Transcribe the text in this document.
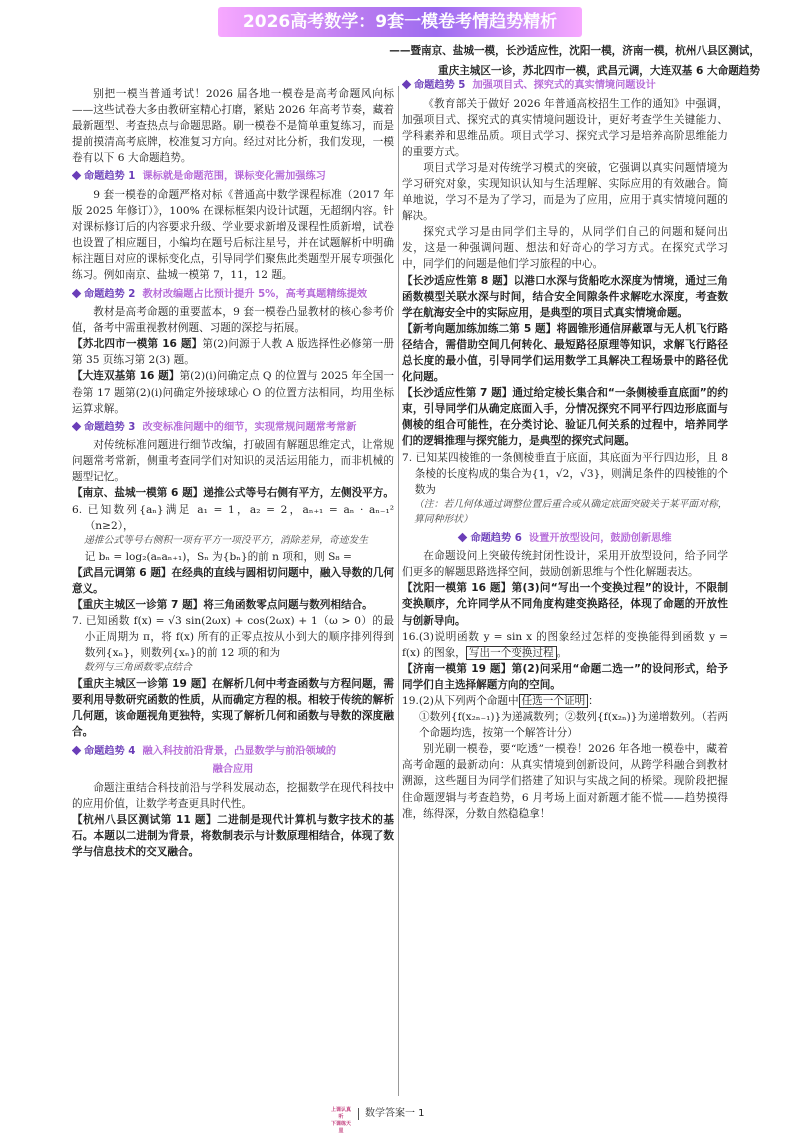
2026高考数学：9套一模卷考情趋势精析
——暨南京、盐城一模，长沙适应性，沈阳一模，济南一模，杭州八县区测试，
重庆主城区一诊，苏北四市一模，武昌元调，大连双基 6 大命题趋势

别把一模当普通考试！2026 届各地一模卷是高考命题风向标——这些试卷大多由教研室精心打磨，紧贴 2026 年高考节奏，藏着最新题型、考查热点与命题思路。刷一模卷不是简单重复练习，而是提前摸清高考底牌，校准复习方向。经过对比分析，我们发现，一模卷有以下 6 大命题趋势。

命题趋势 1 课标就是命题范围，课标变化需加强练习

9 套一模卷的命题严格对标《普通高中数学课程标准（2017 年版 2025 年修订）》，100% 在课标框架内设计试题，无超纲内容。针对课标修订后的内容要求升级、学业要求新增及课程性质新增，试卷也设置了相应题目，小编均在题号后标注星号，并在试题解析中明确标注题目对应的课标变化点，引导同学们聚焦此类题型开展专项强化练习。例如南京、盐城一模第 7，11，12 题。

命题趋势 2 教材改编题占比预计提升 5%，高考真题精练提效

教材是高考命题的重要蓝本，9 套一模卷凸显教材的核心参考价值，备考中需重视教材例题、习题的深挖与拓展。

【苏北四市一模第 16 题】第(2)问源于人教 A 版选择性必修第一册第 35 页练习第 2(3) 题。

【大连双基第 16 题】第(2)(i)问确定点 Q 的位置与 2025 年全国一卷第 17 题第(2)(i)问确定外接球球心 O 的位置方法相同，均用坐标运算求解。

命题趋势 3 改变标准问题中的细节，实现常规问题常考常新

对传统标准问题进行细节改编，打破固有解题思维定式，让常规问题常考常新，侧重考查同学们对知识的灵活运用能力，而非机械的题型记忆。

【南京、盐城一模第 6 题】递推公式等号右侧有平方，左侧没平方。

6. 已知数列{aₙ}满足 a₁ = 1，a₂ = 2，aₙ₊₁ = aₙ · aₙ₋₁²（n≥2），

递推公式等号右侧积一项有平方一项没平方，消除差异，奇迹发生

记 bₙ = log₂(aₙaₙ₊₁)，Sₙ 为{bₙ}的前 n 项和，则 S₈ =

【武昌元调第 6 题】在经典的直线与圆相切问题中，融入导数的几何意义。

【重庆主城区一诊第 7 题】将三角函数零点问题与数列相结合。

7. 已知函数 f(x) = √3 sin(2ωx) + cos(2ωx) + 1（ω > 0）的最小正周期为 π，将 f(x) 所有的正零点按从小到大的顺序排列得到数列{xₙ}，则数列{xₙ}的前 12 项的和为

数列与三角函数零点结合

【重庆主城区一诊第 19 题】在解析几何中考查函数与方程问题，需要利用导数研究函数的性质，从而确定方程的根。相较于传统的解析几何题，该命题视角更独特，实现了解析几何和函数与导数的深度融合。

命题趋势 4 融入科技前沿背景，凸显数学与前沿领域的
融合应用

命题注重结合科技前沿与学科发展动态，挖掘数学在现代科技中的应用价值，让数学考查更具时代性。

【杭州八县区测试第 11 题】二进制是现代计算机与数字技术的基石。本题以二进制为背景，将数制表示与计数原理相结合，体现了数学与信息技术的交叉融合。

命题趋势 5 加强项目式、探究式的真实情境问题设计

《教育部关于做好 2026 年普通高校招生工作的通知》中强调，加强项目式、探究式的真实情境问题设计，更好考查学生关键能力、学科素养和思维品质。项目式学习、探究式学习是培养高阶思维能力的重要方式。

项目式学习是对传统学习模式的突破，它强调以真实问题情境为学习研究对象，实现知识认知与生活理解、实际应用的有效融合。简单地说，学习不是为了学习，而是为了应用，应用于真实情境问题的解决。

探究式学习是由同学们主导的，从同学们自己的问题和疑问出发，这是一种强调问题、想法和好奇心的学习方式。在探究式学习中，同学们的问题是他们学习旅程的中心。

【长沙适应性第 8 题】以港口水深与货船吃水深度为情境，通过三角函数模型关联水深与时间，结合安全间隙条件求解吃水深度，考查数学在航海安全中的实际应用，是典型的项目式真实情境命题。

【新考向题加练加练二第 5 题】将圆锥形通信屏蔽罩与无人机飞行路径结合，需借助空间几何转化、最短路径原理等知识，求解飞行路径总长度的最小值，引导同学们运用数学工具解决工程场景中的路径优化问题。

【长沙适应性第 7 题】通过给定棱长集合和“一条侧棱垂直底面”的约束，引导同学们从确定底面入手，分情况探究不同平行四边形底面与侧棱的组合可能性，在分类讨论、验证几何关系的过程中，培养同学们的逻辑推理与探究能力，是典型的探究式问题。

7. 已知某四棱锥的一条侧棱垂直于底面，其底面为平行四边形，且 8 条棱的长度构成的集合为{1，√2，√3}，则满足条件的四棱锥的个数为

（注：若几何体通过调整位置后重合或从确定底面突破关于某平面对称，算同种形状）
命题趋势 6 设置开放型设问，鼓励创新思维

在命题设问上突破传统封闭性设计，采用开放型设问，给予同学们更多的解题思路选择空间，鼓励创新思维与个性化解题表达。

【沈阳一模第 16 题】第(3)问“写出一个变换过程”的设计，不限制变换顺序，允许同学从不同角度构建变换路径，体现了命题的开放性与创新导向。

16.(3)说明函数 y = sin x 的图象经过怎样的变换能得到函数 y = f(x) 的图象， 写出一个变换过程 。

【济南一模第 19 题】第(2)问采用“命题二选一”的设问形式，给予同学们自主选择解题方向的空间。

19.(2)从下列两个命题中 任选一个证明 ：

①数列{f(x₂ₙ₋₁)}为递减数列；②数列{f(x₂ₙ)}为递增数列。（若两个命题均选，按第一个解答计分）

别光刷一模卷，要“吃透”一模卷！2026 年各地一模卷中，藏着高考命题的最新动向：从真实情境到创新设问，从跨学科融合到教材溯源，这些题目为同学们搭建了知识与实战之间的桥梁。现阶段把握住命题逻辑与考查趋势，6 月考场上面对新题才能不慌——趋势摸得准，练得深，分数自然稳稳拿！

上课认真听
下课练天星
数学答案一 1
